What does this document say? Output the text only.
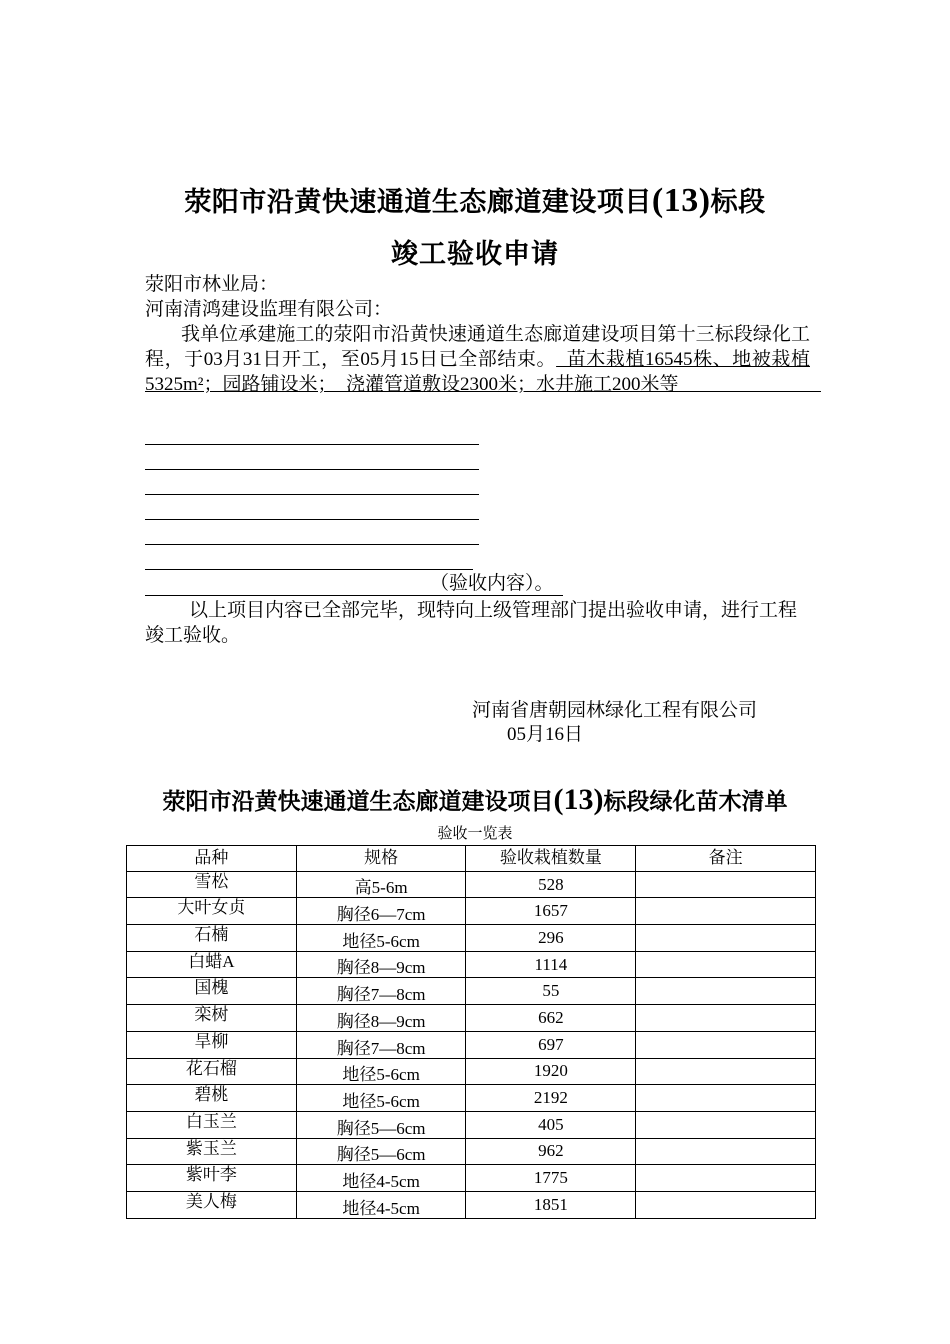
荥阳市沿黄快速通道生态廊道建设项目(13)标段
竣工验收申请
荥阳市林业局：
河南清鸿建设监理有限公司：
我单位承建施工的荥阳市沿黄快速通道生态廊道建设项目第十三标段绿化工程，于03月31日开工，至05月15日已全部结束。  苗木栽植16545株、地被栽植5325m²；园路铺设米；  浇灌管道敷设2300米；水井施工200米等
（验收内容）。
以上项目内容已全部完毕，现特向上级管理部门提出验收申请，进行工程竣工验收。
河南省唐朝园林绿化工程有限公司
05月16日
荥阳市沿黄快速通道生态廊道建设项目(13)标段绿化苗木清单
验收一览表
品种	规格	验收栽植数量	备注
雪松	高5-6m	528	
大叶女贞	胸径6—7cm	1657	
石楠	地径5-6cm	296	
白蜡A	胸径8—9cm	1114	
国槐	胸径7—8cm	55	
栾树	胸径8—9cm	662	
旱柳	胸径7—8cm	697	
花石榴	地径5-6cm	1920	
碧桃	地径5-6cm	2192	
白玉兰	胸径5—6cm	405	
紫玉兰	胸径5—6cm	962	
紫叶李	地径4-5cm	1775	
美人梅	地径4-5cm	1851	
